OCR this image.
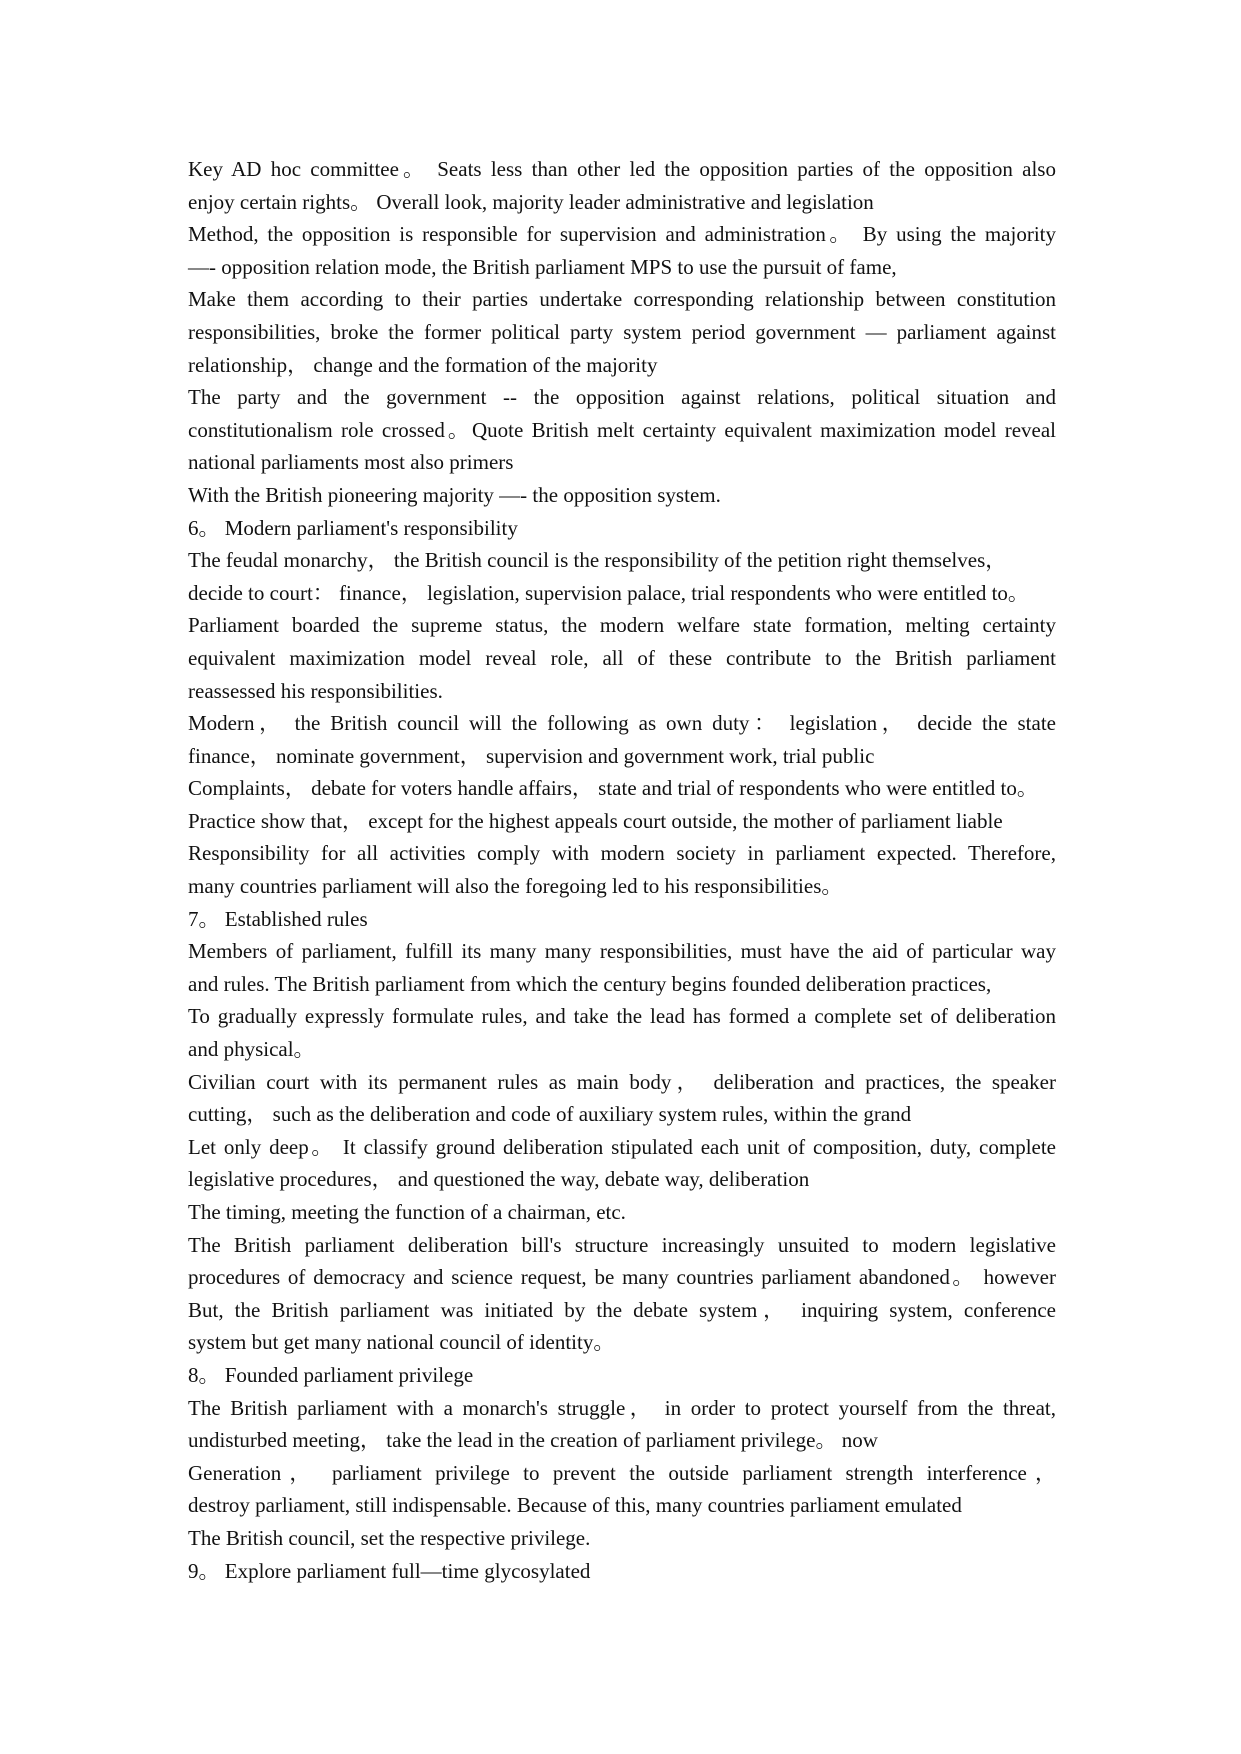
Key AD hoc committee。 Seats less than other led the opposition parties of the opposition also
enjoy certain rights。 Overall look, majority leader administrative and legislation
Method, the opposition is responsible for supervision and administration。 By using the majority
—- opposition relation mode, the British parliament MPS to use the pursuit of fame,
Make them according to their parties undertake corresponding relationship between constitution
responsibilities, broke the former political party system period government — parliament against
relationship， change and the formation of the majority
The party and the government -- the opposition against relations, political situation and
constitutionalism role crossed。Quote British melt certainty equivalent maximization model reveal
national parliaments most also primers
With the British pioneering majority —- the opposition system.
6。 Modern parliament's responsibility
The feudal monarchy， the British council is the responsibility of the petition right themselves，
decide to court： finance， legislation, supervision palace, trial respondents who were entitled to。
Parliament boarded the supreme status, the modern welfare state formation, melting certainty
equivalent maximization model reveal role, all of these contribute to the British parliament
reassessed his responsibilities.
Modern， the British council will the following as own duty： legislation， decide the state
finance， nominate government， supervision and government work, trial public
Complaints， debate for voters handle affairs， state and trial of respondents who were entitled to。
Practice show that， except for the highest appeals court outside, the mother of parliament liable
Responsibility for all activities comply with modern society in parliament expected. Therefore,
many countries parliament will also the foregoing led to his responsibilities。
7。 Established rules
Members of parliament, fulfill its many many responsibilities, must have the aid of particular way
and rules. The British parliament from which the century begins founded deliberation practices,
To gradually expressly formulate rules, and take the lead has formed a complete set of deliberation
and physical。
Civilian court with its permanent rules as main body， deliberation and practices, the speaker
cutting， such as the deliberation and code of auxiliary system rules, within the grand
Let only deep。 It classify ground deliberation stipulated each unit of composition, duty, complete
legislative procedures， and questioned the way, debate way, deliberation
The timing, meeting the function of a chairman, etc.
The British parliament deliberation bill's structure increasingly unsuited to modern legislative
procedures of democracy and science request, be many countries parliament abandoned。 however
But, the British parliament was initiated by the debate system， inquiring system, conference
system but get many national council of identity。
8。 Founded parliament privilege
The British parliament with a monarch's struggle， in order to protect yourself from the threat,
undisturbed meeting， take the lead in the creation of parliament privilege。 now
Generation， parliament privilege to prevent the outside parliament strength interference，
destroy parliament, still indispensable. Because of this, many countries parliament emulated
The British council, set the respective privilege.
9。 Explore parliament full—time glycosylated
